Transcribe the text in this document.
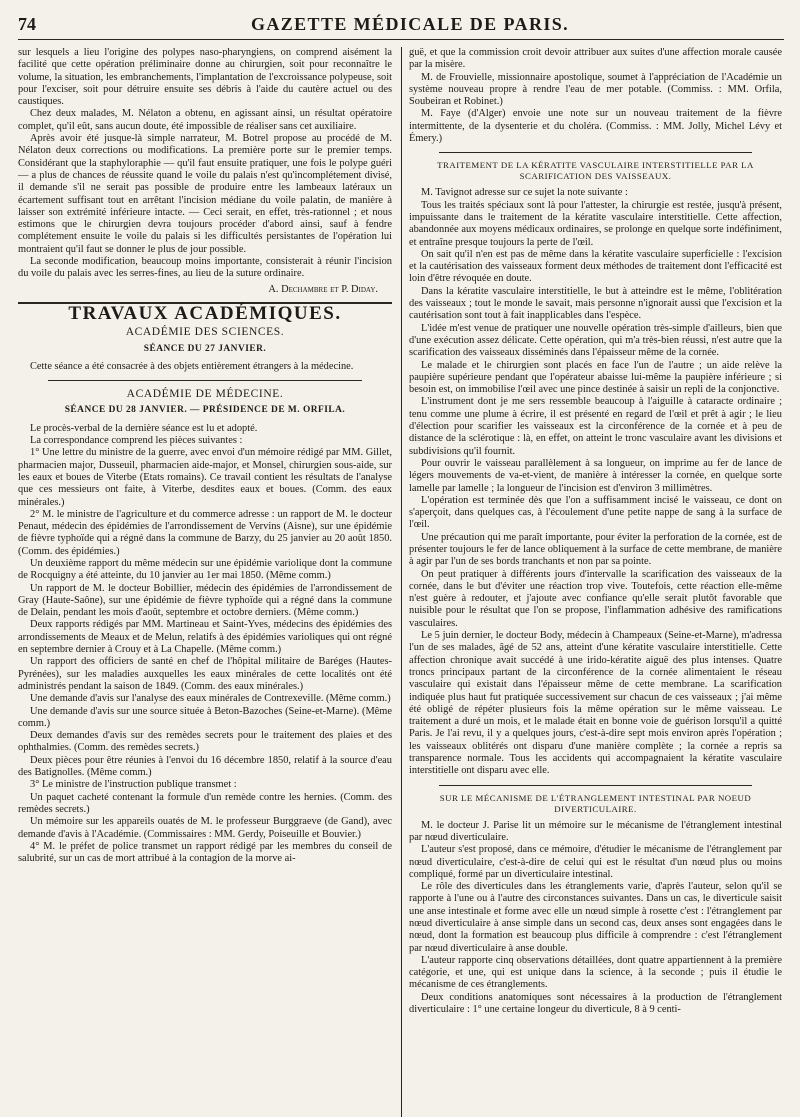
74	GAZETTE MÉDICALE DE PARIS.

sur lesquels a lieu l'origine des polypes naso-pharyngiens, on comprend aisément la facilité que cette opération préliminaire donne au chirurgien, soit pour reconnaître le volume, la situation, les embranchements, l'implantation de l'excroissance polypeuse, soit pour l'exciser, soit pour détruire ensuite ses débris à l'aide du cautère actuel ou des caustiques.

Chez deux malades, M. Nélaton a obtenu, en agissant ainsi, un résultat opératoire complet, qu'il eût, sans aucun doute, été impossible de réaliser sans cet auxiliaire.

Après avoir été jusque-là simple narrateur, M. Botrel propose au procédé de M. Nélaton deux corrections ou modifications. La première porte sur le premier temps. Considérant que la staphyloraphie — qu'il faut ensuite pratiquer, une fois le polype guéri — a plus de chances de réussite quand le voile du palais n'est qu'incomplétement divisé, il demande s'il ne serait pas possible de produire entre les lambeaux latéraux un écartement suffisant tout en arrêtant l'incision médiane du voile palatin, de manière à laisser son extrémité inférieure intacte. — Ceci serait, en effet, très-rationnel ; et nous estimons que le chirurgien devra toujours procéder d'abord ainsi, sauf à fendre complétement ensuite le voile du palais si les difficultés persistantes de l'opération lui montraient qu'il faut se donner le plus de jour possible.

La seconde modification, beaucoup moins importante, consisterait à réunir l'incision du voile du palais avec les serres-fines, au lieu de la suture ordinaire.

A. Dechambre et P. Diday.

TRAVAUX ACADÉMIQUES.
ACADÉMIE DES SCIENCES.
SÉANCE DU 27 JANVIER.

Cette séance a été consacrée à des objets entièrement étrangers à la médecine.

ACADÉMIE DE MÉDECINE.
SÉANCE DU 28 JANVIER. — PRÉSIDENCE DE M. ORFILA.

Le procès-verbal de la dernière séance est lu et adopté.

La correspondance comprend les pièces suivantes :

1° Une lettre du ministre de la guerre, avec envoi d'un mémoire rédigé par MM. Gillet, pharmacien major, Dusseuil, pharmacien aide-major, et Monsel, chirurgien sous-aide, sur les eaux et boues de Viterbe (Etats romains). Ce travail contient les résultats de l'analyse que ces messieurs ont faite, à Viterbe, desdites eaux et boues. (Comm. des eaux minérales.)

2° M. le ministre de l'agriculture et du commerce adresse : un rapport de M. le docteur Penaut, médecin des épidémies de l'arrondissement de Vervins (Aisne), sur une épidémie de fièvre typhoïde qui a régné dans la commune de Barzy, du 25 janvier au 20 août 1850. (Comm. des épidémies.)

Un deuxième rapport du même médecin sur une épidémie variolique dont la commune de Rocquigny a été atteinte, du 10 janvier au 1er mai 1850. (Même comm.)

Un rapport de M. le docteur Bobillier, médecin des épidémies de l'arrondissement de Gray (Haute-Saône), sur une épidémie de fièvre typhoïde qui a régné dans la commune de Delain, pendant les mois d'août, septembre et octobre derniers. (Même comm.)

Deux rapports rédigés par MM. Martineau et Saint-Yves, médecins des épidémies des arrondissements de Meaux et de Melun, relatifs à des épidémies varioliques qui ont régné en septembre dernier à Crouy et à La Chapelle. (Même comm.)

Un rapport des officiers de santé en chef de l'hôpital militaire de Baréges (Hautes-Pyrénées), sur les maladies auxquelles les eaux minérales de cette localités ont été administrés pendant la saison de 1849. (Comm. des eaux minérales.)

Une demande d'avis sur l'analyse des eaux minérales de Contrexeville. (Même comm.)

Une demande d'avis sur une source située à Beton-Bazoches (Seine-et-Marne). (Même comm.)

Deux demandes d'avis sur des remèdes secrets pour le traitement des plaies et des ophthalmies. (Comm. des remèdes secrets.)

Deux pièces pour être réunies à l'envoi du 16 décembre 1850, relatif à la source d'eau des Batignolles. (Même comm.)

3° Le ministre de l'instruction publique transmet :

Un paquet cacheté contenant la formule d'un remède contre les hernies. (Comm. des remèdes secrets.)

Un mémoire sur les appareils ouatés de M. le professeur Burggraeve (de Gand), avec demande d'avis à l'Académie. (Commissaires : MM. Gerdy, Poiseuille et Bouvier.)

4° M. le préfet de police transmet un rapport rédigé par les membres du conseil de salubrité, sur un cas de mort attribué à la contagion de la morve ai-

guë, et que la commission croit devoir attribuer aux suites d'une affection morale causée par la misère.

M. de Frouvielle, missionnaire apostolique, soumet à l'appréciation de l'Académie un système nouveau propre à rendre l'eau de mer potable. (Commiss. : MM. Orfila, Soubeiran et Robinet.)

M. Faye (d'Alger) envoie une note sur un nouveau traitement de la fièvre intermittente, de la dysenterie et du choléra. (Commiss. : MM. Jolly, Michel Lévy et Émery.)

TRAITEMENT DE LA KÉRATITE VASCULAIRE INTERSTITIELLE PAR LA SCARIFICATION DES VAISSEAUX.

M. Tavignot adresse sur ce sujet la note suivante :

Tous les traités spéciaux sont là pour l'attester, la chirurgie est restée, jusqu'à présent, impuissante dans le traitement de la kératite vasculaire interstitielle. Cette affection, abandonnée aux moyens médicaux ordinaires, se prolonge en quelque sorte indéfiniment, et entraîne presque toujours la perte de l'œil.

On sait qu'il n'en est pas de même dans la kératite vasculaire superficielle : l'excision et la cautérisation des vaisseaux forment deux méthodes de traitement dont l'efficacité est loin d'être révoquée en doute.

Dans la kératite vasculaire interstitielle, le but à atteindre est le même, l'oblitération des vaisseaux ; tout le monde le savait, mais personne n'ignorait aussi que l'excision et la cautérisation sont tout à fait inapplicables dans l'espèce.

L'idée m'est venue de pratiquer une nouvelle opération très-simple d'ailleurs, bien que d'une exécution assez délicate. Cette opération, qui m'a très-bien réussi, n'est autre que la scarification des vaisseaux disséminés dans l'épaisseur même de la cornée.

Le malade et le chirurgien sont placés en face l'un de l'autre ; un aide relève la paupière supérieure pendant que l'opérateur abaisse lui-même la paupière inférieure ; si besoin est, on immobilise l'œil avec une pince destinée à saisir un repli de la conjonctive.

L'instrument dont je me sers ressemble beaucoup à l'aiguille à cataracte ordinaire ; tenu comme une plume à écrire, il est présenté en regard de l'œil et prêt à agir ; le lieu d'élection pour scarifier les vaisseaux est la circonférence de la cornée et à peu de distance de la sclérotique : là, en effet, on atteint le tronc vasculaire avant les divisions et subdivisions qu'il fournit.

Pour ouvrir le vaisseau parallèlement à sa longueur, on imprime au fer de lance de légers mouvements de va-et-vient, de manière à intéresser la cornée, en quelque sorte lamelle par lamelle ; la longueur de l'incision est d'environ 3 millimètres.

L'opération est terminée dès que l'on a suffisamment incisé le vaisseau, ce dont on s'aperçoit, dans quelques cas, à l'écoulement d'une petite nappe de sang à la surface de l'œil.

Une précaution qui me paraît importante, pour éviter la perforation de la cornée, est de présenter toujours le fer de lance obliquement à la surface de cette membrane, de manière à agir par l'un de ses bords tranchants et non par sa pointe.

On peut pratiquer à différents jours d'intervalle la scarification des vaisseaux de la cornée, dans le but d'éviter une réaction trop vive. Toutefois, cette réaction elle-même n'est guère à redouter, et j'ajoute avec confiance qu'elle serait plutôt favorable que nuisible pour le résultat que l'on se propose, l'inflammation adhésive des ramifications vasculaires.

Le 5 juin dernier, le docteur Body, médecin à Champeaux (Seine-et-Marne), m'adressa l'un de ses malades, âgé de 52 ans, atteint d'une kératite vasculaire interstitielle. Cette affection chronique avait succédé à une irido-kératite aiguë des plus intenses. Quatre troncs principaux partant de la circonférence de la cornée alimentaient le réseau vasculaire qui existait dans l'épaisseur même de cette membrane. La scarification indiquée plus haut fut pratiquée successivement sur chacun de ces vaisseaux ; j'ai même été obligé de répéter plusieurs fois la même opération sur le même vaisseau. Le traitement a duré un mois, et le malade était en bonne voie de guérison lorsqu'il a quitté Paris. Je l'ai revu, il y a quelques jours, c'est-à-dire sept mois environ après l'opération ; les vaisseaux oblitérés ont disparu d'une manière complète ; la cornée a repris sa transparence normale. Tous les accidents qui accompagnaient la kératite vasculaire interstitielle ont disparu avec elle.

SUR LE MÉCANISME DE L'ÉTRANGLEMENT INTESTINAL PAR NOEUD DIVERTICULAIRE.

M. le docteur J. Parise lit un mémoire sur le mécanisme de l'étranglement intestinal par nœud diverticulaire.

L'auteur s'est proposé, dans ce mémoire, d'étudier le mécanisme de l'étranglement par nœud diverticulaire, c'est-à-dire de celui qui est le résultat d'un nœud plus ou moins compliqué, formé par un diverticulaire intestinal.

Le rôle des diverticules dans les étranglements varie, d'après l'auteur, selon qu'il se rapporte à l'une ou à l'autre des circonstances suivantes. Dans un cas, le diverticule saisit une anse intestinale et forme avec elle un nœud simple à rosette c'est : l'étranglement par nœud diverticulaire à anse simple dans un second cas, deux anses sont engagées dans le nœud, dont la formation est beaucoup plus difficile à comprendre : c'est l'étranglement par nœud diverticulaire à anse double.

L'auteur rapporte cinq observations détaillées, dont quatre appartiennent à la première catégorie, et une, qui est unique dans la science, à la seconde ; puis il étudie le mécanisme de ces étranglements.

Deux conditions anatomiques sont nécessaires à la production de l'étranglement diverticulaire : 1° une certaine longeur du diverticule, 8 à 9 centi-
